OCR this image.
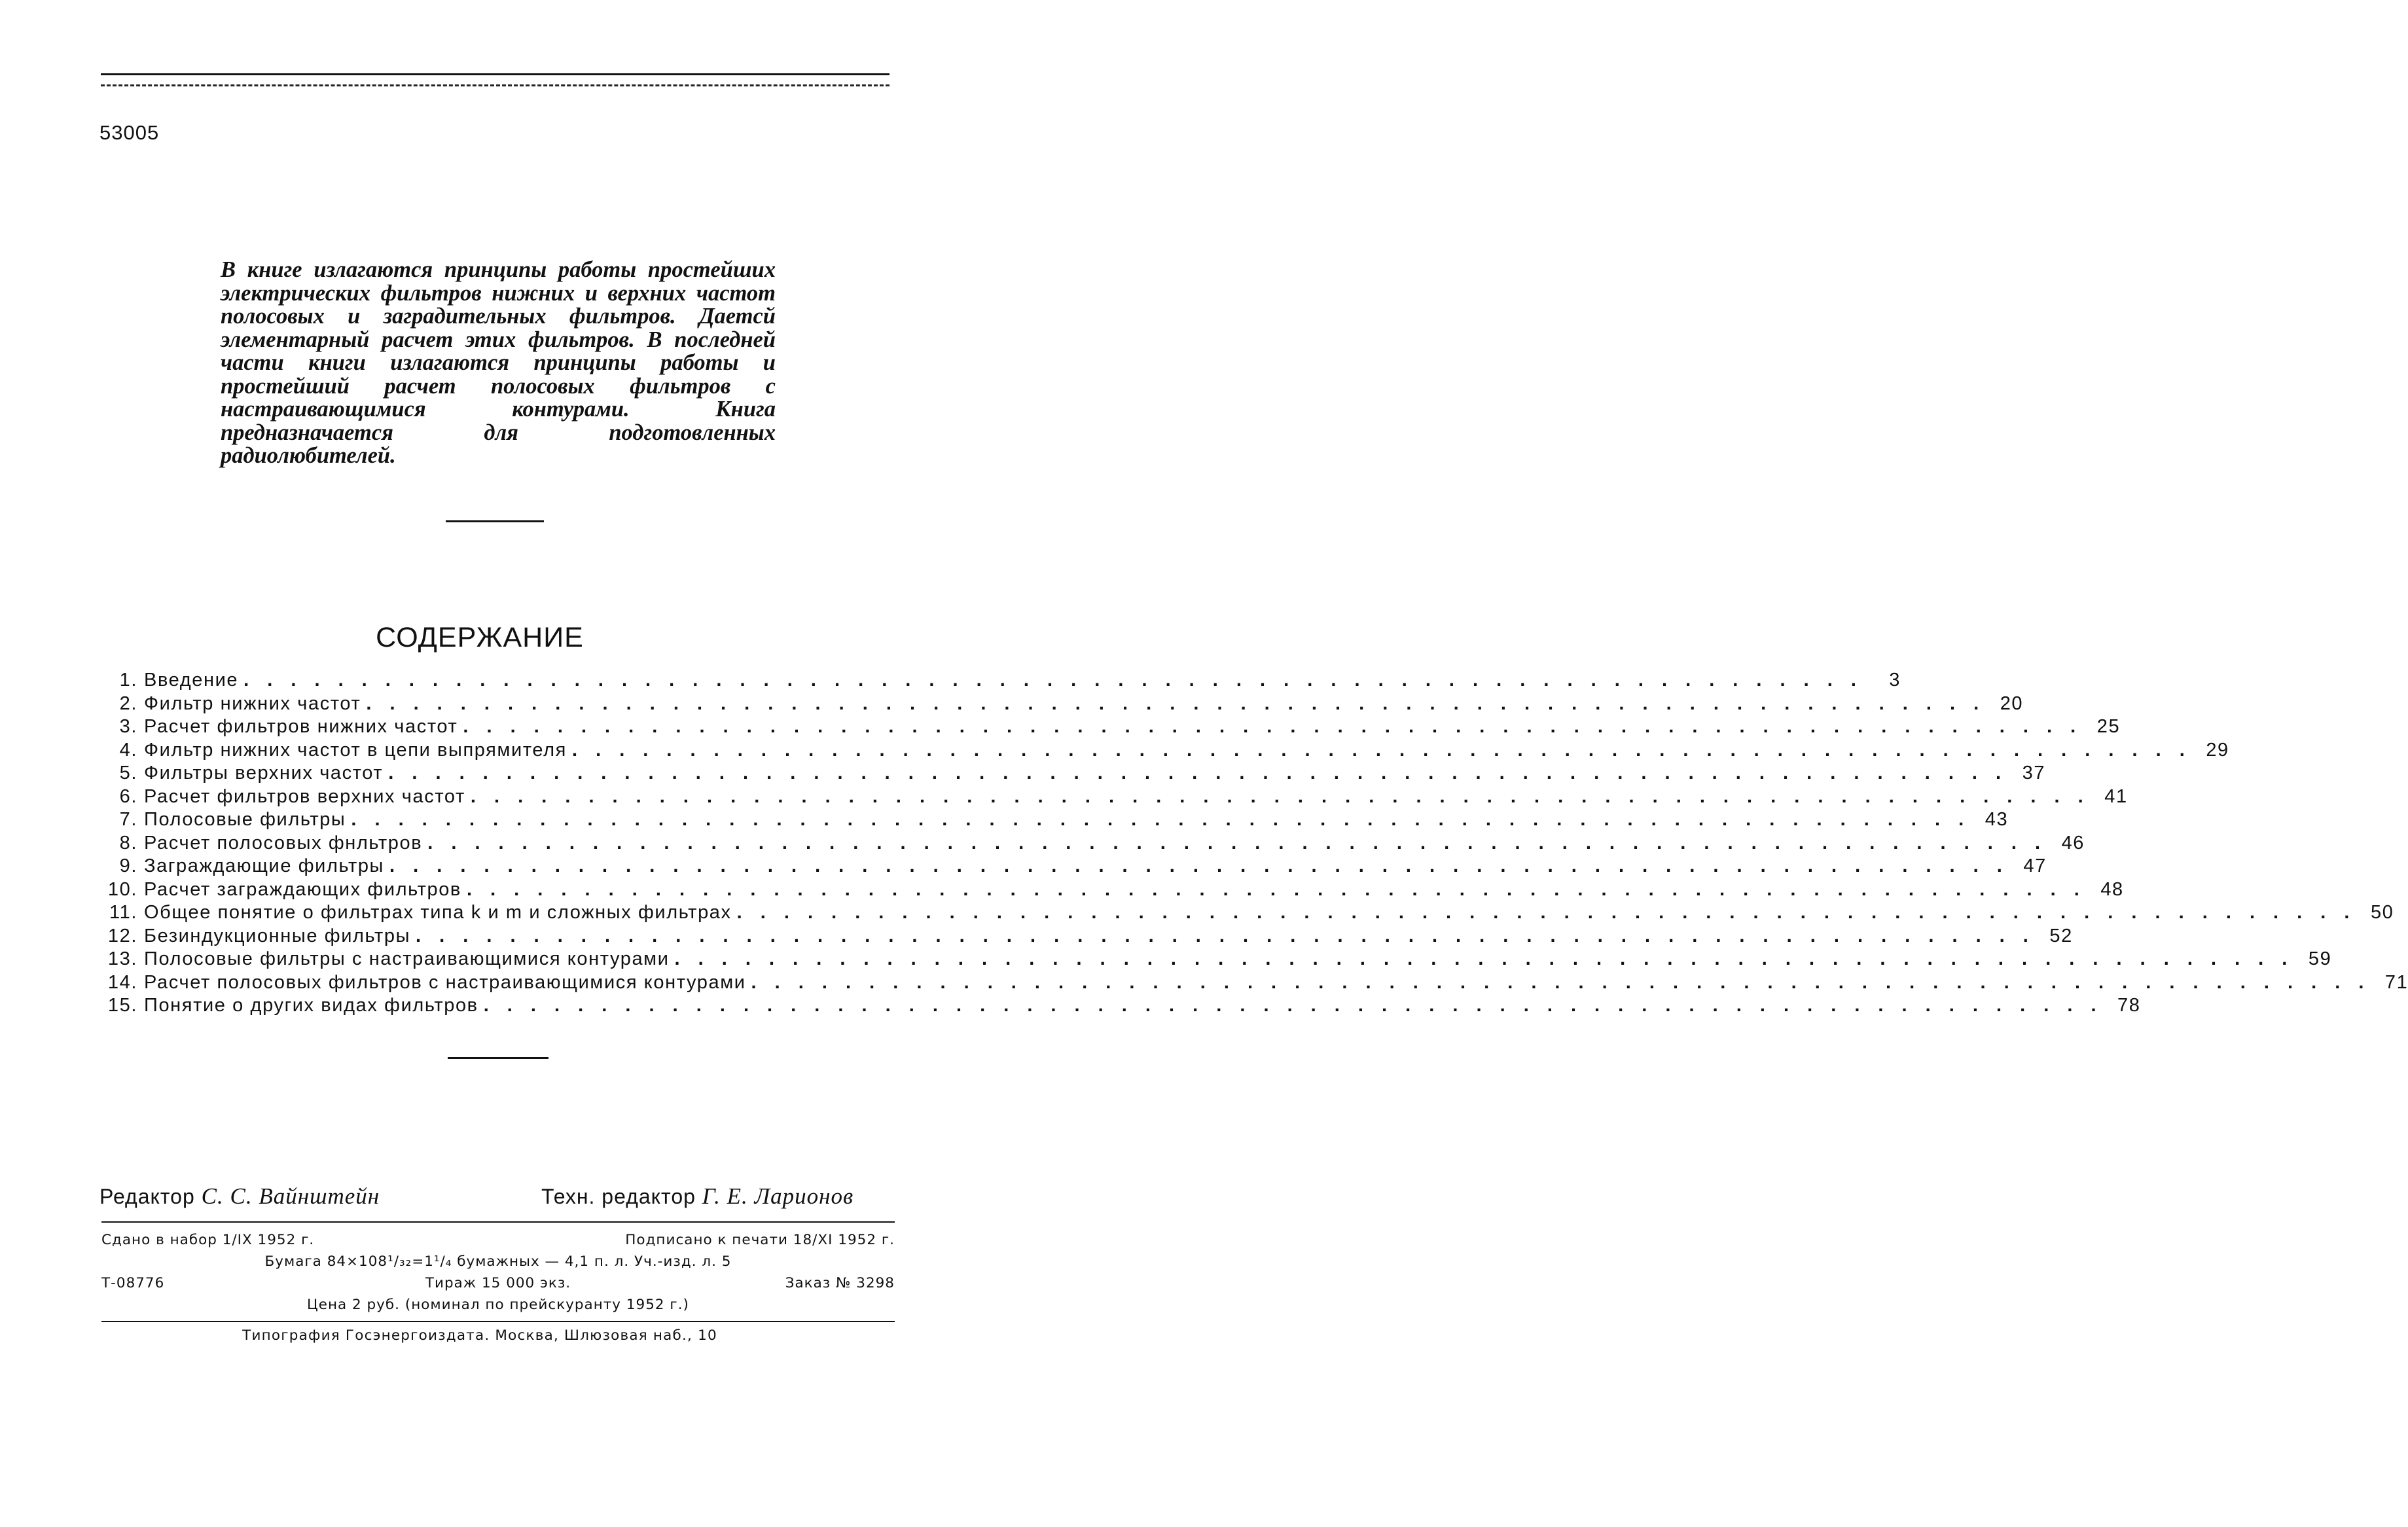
53005
В книге излагаются принципы работы простейших электрических фильтров нижних и верхних частот полосовых и заградительных фильтров. Даетсй элементарный расчет этих фильтров. В последней части книги излагаются принципы работы и простейший расчет полосовых фильтров с настраивающимися контурами. Книга предназначается для подготовленных радиолюбителей.
СОДЕРЖАНИЕ
1. Введение . . . . . . . . . . . . . . . . . . . . . . . . . . . . . . . . . . . . . . . . . . . . . . . . . . . . . . . . . . . . . . . . . . . . .	3
2. Фильтр нижних частот . . . . . . . . . . . . . . . . . . . . . . . . . . . . . . . . . . . . . . . . . . . . . . . . . . . . . . . . . . . . . . . . . . . . . 20
3. Расчет фильтров нижних частот . . . . . . . . . . . . . . . . . . . . . . . . . . . . . . . . . . . . . . . . . . . . . . . . . . . . . . . . . . . . . . . . . . . . . 25
4. Фильтр нижних частот в цепи выпрямителя . . . . . . . . . . . . . . . . . . . . . . . . . . . . . . . . . . . . . . . . . . . . . . . . . . . . . . . . . . . . . . . . . . . . . 29
5. Фильтры верхних частот . . . . . . . . . . . . . . . . . . . . . . . . . . . . . . . . . . . . . . . . . . . . . . . . . . . . . . . . . . . . . . . . . . . . . 37
6. Расчет фильтров верхних частот . . . . . . . . . . . . . . . . . . . . . . . . . . . . . . . . . . . . . . . . . . . . . . . . . . . . . . . . . . . . . . . . . . . . . 41
7. Полосовые фильтры . . . . . . . . . . . . . . . . . . . . . . . . . . . . . . . . . . . . . . . . . . . . . . . . . . . . . . . . . . . . . . . . . . . . . 43
8. Расчет полосовых фнльтров . . . . . . . . . . . . . . . . . . . . . . . . . . . . . . . . . . . . . . . . . . . . . . . . . . . . . . . . . . . . . . . . . . . . . 46
9. Заграждающие фильтры . . . . . . . . . . . . . . . . . . . . . . . . . . . . . . . . . . . . . . . . . . . . . . . . . . . . . . . . . . . . . . . . . . . . . 47
10. Расчет заграждающих фильтров . . . . . . . . . . . . . . . . . . . . . . . . . . . . . . . . . . . . . . . . . . . . . . . . . . . . . . . . . . . . . . . . . . . . . 48
11. Общее понятие о фильтрах типа k и m и сложных фильтрах . . . . . . . . . . . . . . . . . . . . . . . . . . . . . . . . . . . . . . . . . . . . . . . . . . . . . . . . . . . . . . . . . . . . . 50
12. Безиндукционные фильтры . . . . . . . . . . . . . . . . . . . . . . . . . . . . . . . . . . . . . . . . . . . . . . . . . . . . . . . . . . . . . . . . . . . . . 52
13. Полосовые фильтры с настраивающимися контурами . . . . . . . . . . . . . . . . . . . . . . . . . . . . . . . . . . . . . . . . . . . . . . . . . . . . . . . . . . . . . . . . . . . . . 59
14. Расчет полосовых фильтров с настраивающимися контурами . . . . . . . . . . . . . . . . . . . . . . . . . . . . . . . . . . . . . . . . . . . . . . . . . . . . . . . . . . . . . . . . . . . . . 71
15. Понятие о других видах фильтров . . . . . . . . . . . . . . . . . . . . . . . . . . . . . . . . . . . . . . . . . . . . . . . . . . . . . . . . . . . . . . . . . . . . . 78
Редактор С. С. Вайнштейн	Техн. редактор Г. Е. Ларионов
Сдано в набор 1/IX 1952 г.	Подписано к печати 18/XI 1952 г.
Бумага 84×108¹/₃₂=1¹/₄ бумажных — 4,1 п. л. Уч.-изд. л. 5
Т-08776	Тираж 15 000 экз.	Заказ № 3298
Цена 2 руб. (номинал по прейскуранту 1952 г.)
Типография Госэнергоиздата. Москва, Шлюзовая наб., 10
